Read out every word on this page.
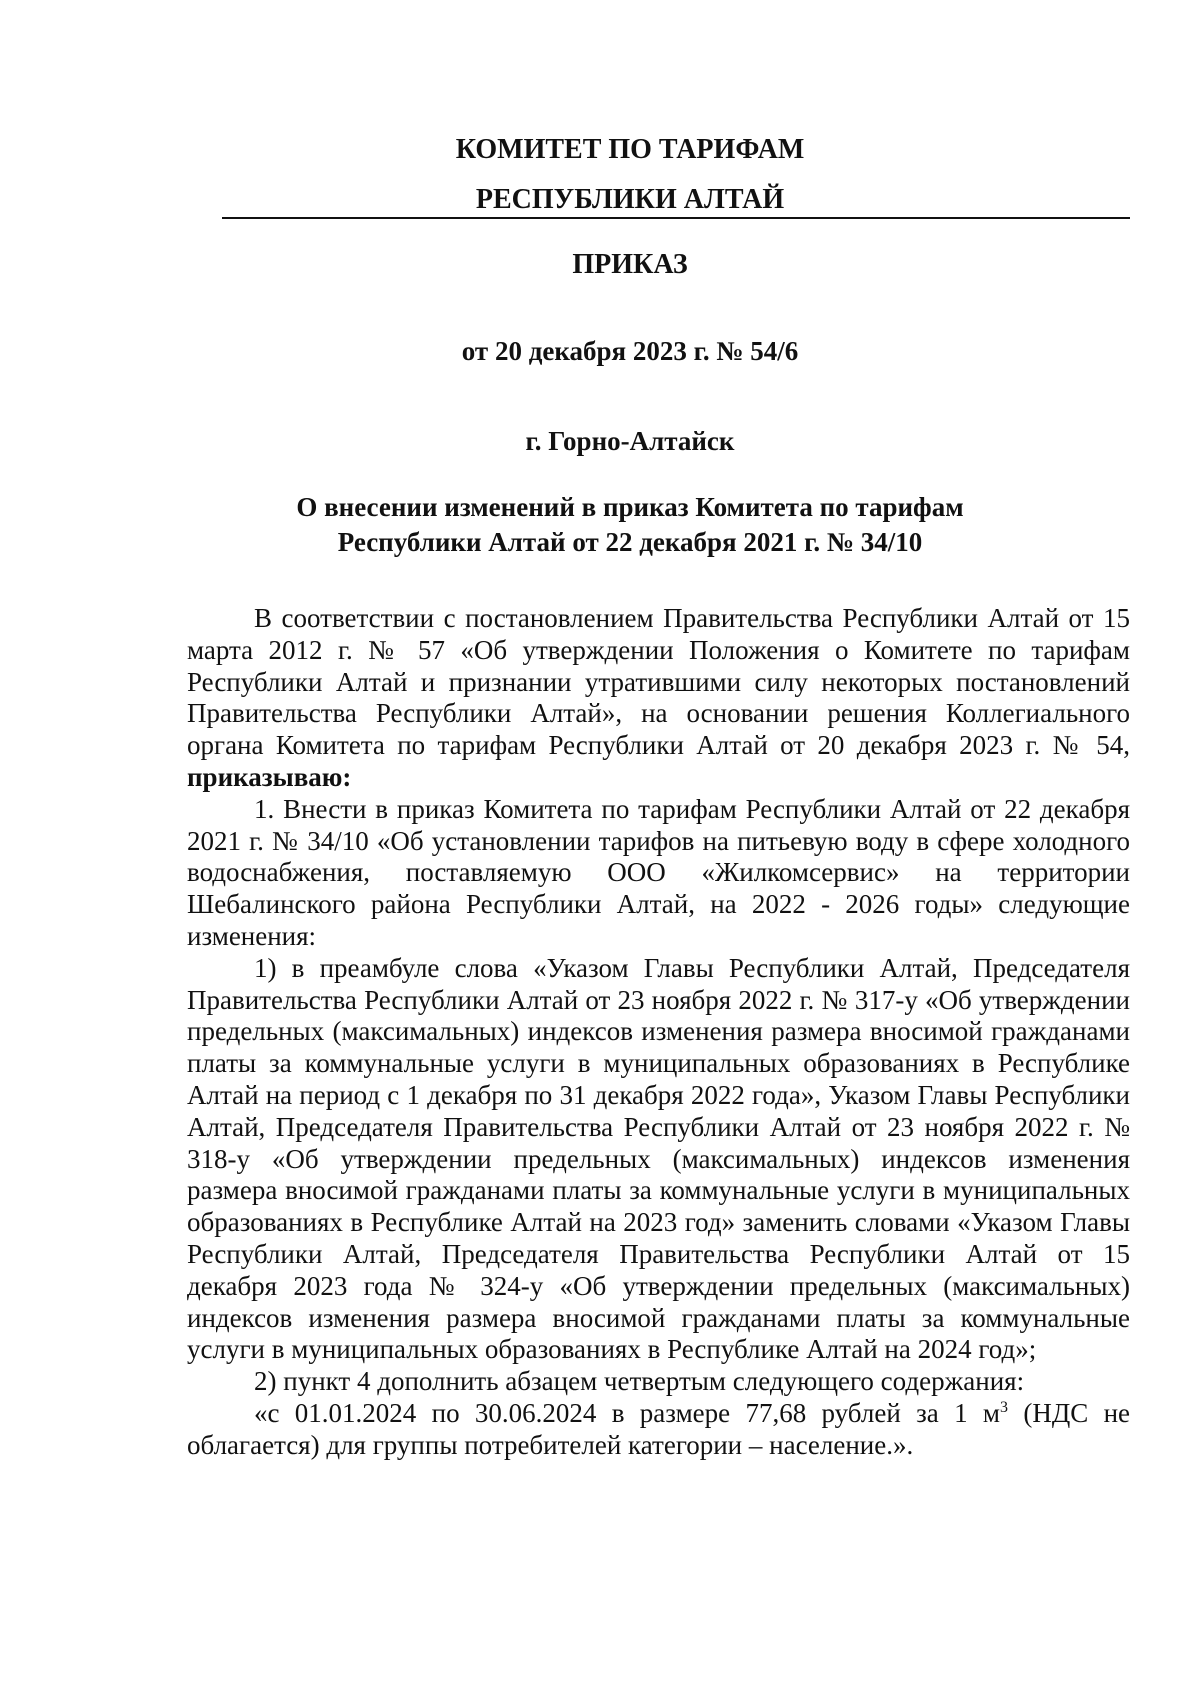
КОМИТЕТ ПО ТАРИФАМ
РЕСПУБЛИКИ АЛТАЙ
ПРИКАЗ
от 20 декабря 2023 г. № 54/6
г. Горно-Алтайск
О внесении изменений в приказ Комитета по тарифам
Республики Алтай от 22 декабря 2021 г. № 34/10

В соответствии с постановлением Правительства Республики Алтай от 15 марта 2012 г. № 57 «Об утверждении Положения о Комитете по тарифам Республики Алтай и признании утратившими силу некоторых постановлений Правительства Республики Алтай», на основании решения Коллегиального органа Комитета по тарифам Республики Алтай от 20 декабря 2023 г. № 54, приказываю:

1. Внести в приказ Комитета по тарифам Республики Алтай от 22 декабря 2021 г. № 34/10 «Об установлении тарифов на питьевую воду в сфере холодного водоснабжения, поставляемую ООО «Жилкомсервис» на территории Шебалинского района Республики Алтай, на 2022 - 2026 годы» следующие изменения:

1) в преамбуле слова «Указом Главы Республики Алтай, Председателя Правительства Республики Алтай от 23 ноября 2022 г. № 317-у «Об утверждении предельных (максимальных) индексов изменения размера вносимой гражданами платы за коммунальные услуги в муниципальных образованиях в Республике Алтай на период с 1 декабря по 31 декабря 2022 года», Указом Главы Республики Алтай, Председателя Правительства Республики Алтай от 23 ноября 2022 г. № 318-у «Об утверждении предельных (максимальных) индексов изменения размера вносимой гражданами платы за коммунальные услуги в муниципальных образованиях в Республике Алтай на 2023 год» заменить словами «Указом Главы Республики Алтай, Председателя Правительства Республики Алтай от 15 декабря 2023 года № 324-у «Об утверждении предельных (максимальных) индексов изменения размера вносимой гражданами платы за коммунальные услуги в муниципальных образованиях в Республике Алтай на 2024 год»;

2) пункт 4 дополнить абзацем четвертым следующего содержания:

«с 01.01.2024 по 30.06.2024 в размере 77,68 рублей за 1 $м^3$ (НДС не облагается) для группы потребителей категории – население.».
